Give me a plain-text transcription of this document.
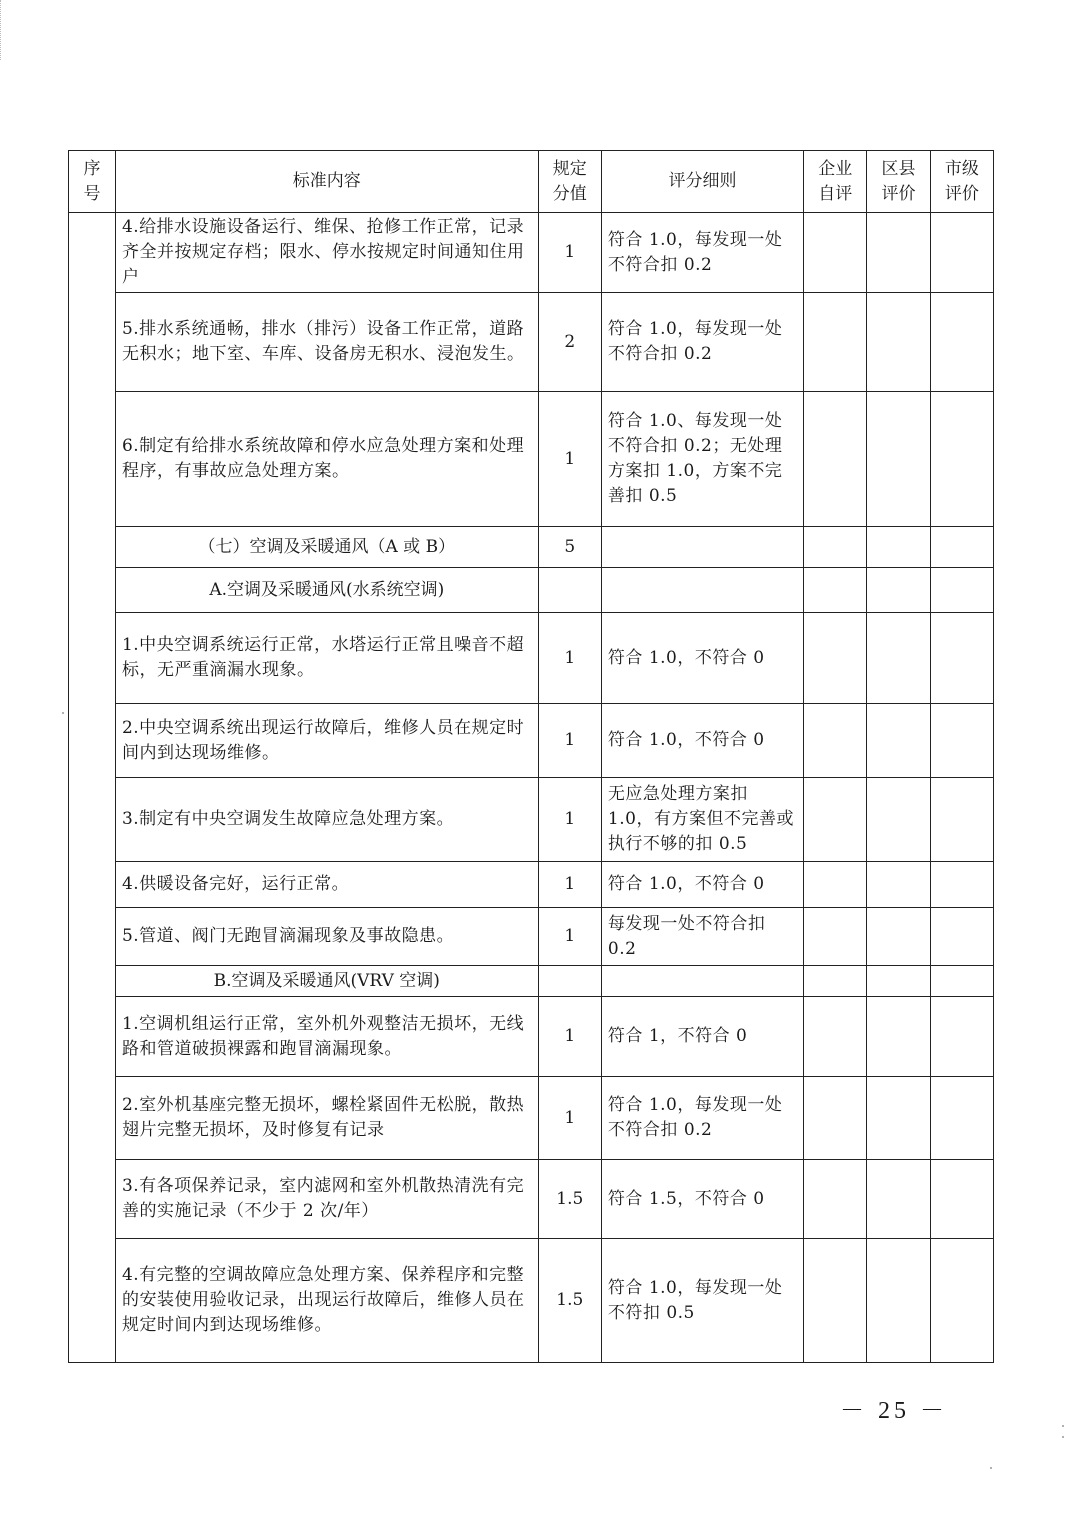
序号	标准内容	规定分值	评分细则	企业自评	区县评价	市级评价
	4.给排水设施设备运行、维保、抢修工作正常，记录齐全并按规定存档；限水、停水按规定时间通知住用户	1	符合 1.0，每发现一处不符合扣 0.2			
	5.排水系统通畅，排水（排污）设备工作正常，道路无积水；地下室、车库、设备房无积水、浸泡发生。	2	符合 1.0，每发现一处不符合扣 0.2			
	6.制定有给排水系统故障和停水应急处理方案和处理程序，有事故应急处理方案。	1	符合 1.0、每发现一处不符合扣 0.2；无处理方案扣 1.0，方案不完善扣 0.5			
	（七）空调及采暖通风（A 或 B）	5				
	A.空调及采暖通风(水系统空调)					
	1.中央空调系统运行正常，水塔运行正常且噪音不超标，无严重滴漏水现象。	1	符合 1.0，不符合 0			
	2.中央空调系统出现运行故障后，维修人员在规定时间内到达现场维修。	1	符合 1.0，不符合 0			
	3.制定有中央空调发生故障应急处理方案。	1	无应急处理方案扣 1.0，有方案但不完善或执行不够的扣 0.5			
	4.供暖设备完好，运行正常。	1	符合 1.0，不符合 0			
	5.管道、阀门无跑冒滴漏现象及事故隐患。	1	每发现一处不符合扣 0.2			
	B.空调及采暖通风(VRV 空调)					
	1.空调机组运行正常，室外机外观整洁无损坏，无线路和管道破损裸露和跑冒滴漏现象。	1	符合 1，不符合 0			
	2.室外机基座完整无损坏，螺栓紧固件无松脱，散热翅片完整无损坏，及时修复有记录	1	符合 1.0，每发现一处不符合扣 0.2			
	3.有各项保养记录，室内滤网和室外机散热清洗有完善的实施记录（不少于 2 次/年）	1.5	符合 1.5，不符合 0			
	4.有完整的空调故障应急处理方案、保养程序和完整的安装使用验收记录，出现运行故障后，维修人员在规定时间内到达现场维修。	1.5	符合 1.0，每发现一处不符扣 0.5			
－ 25 －
